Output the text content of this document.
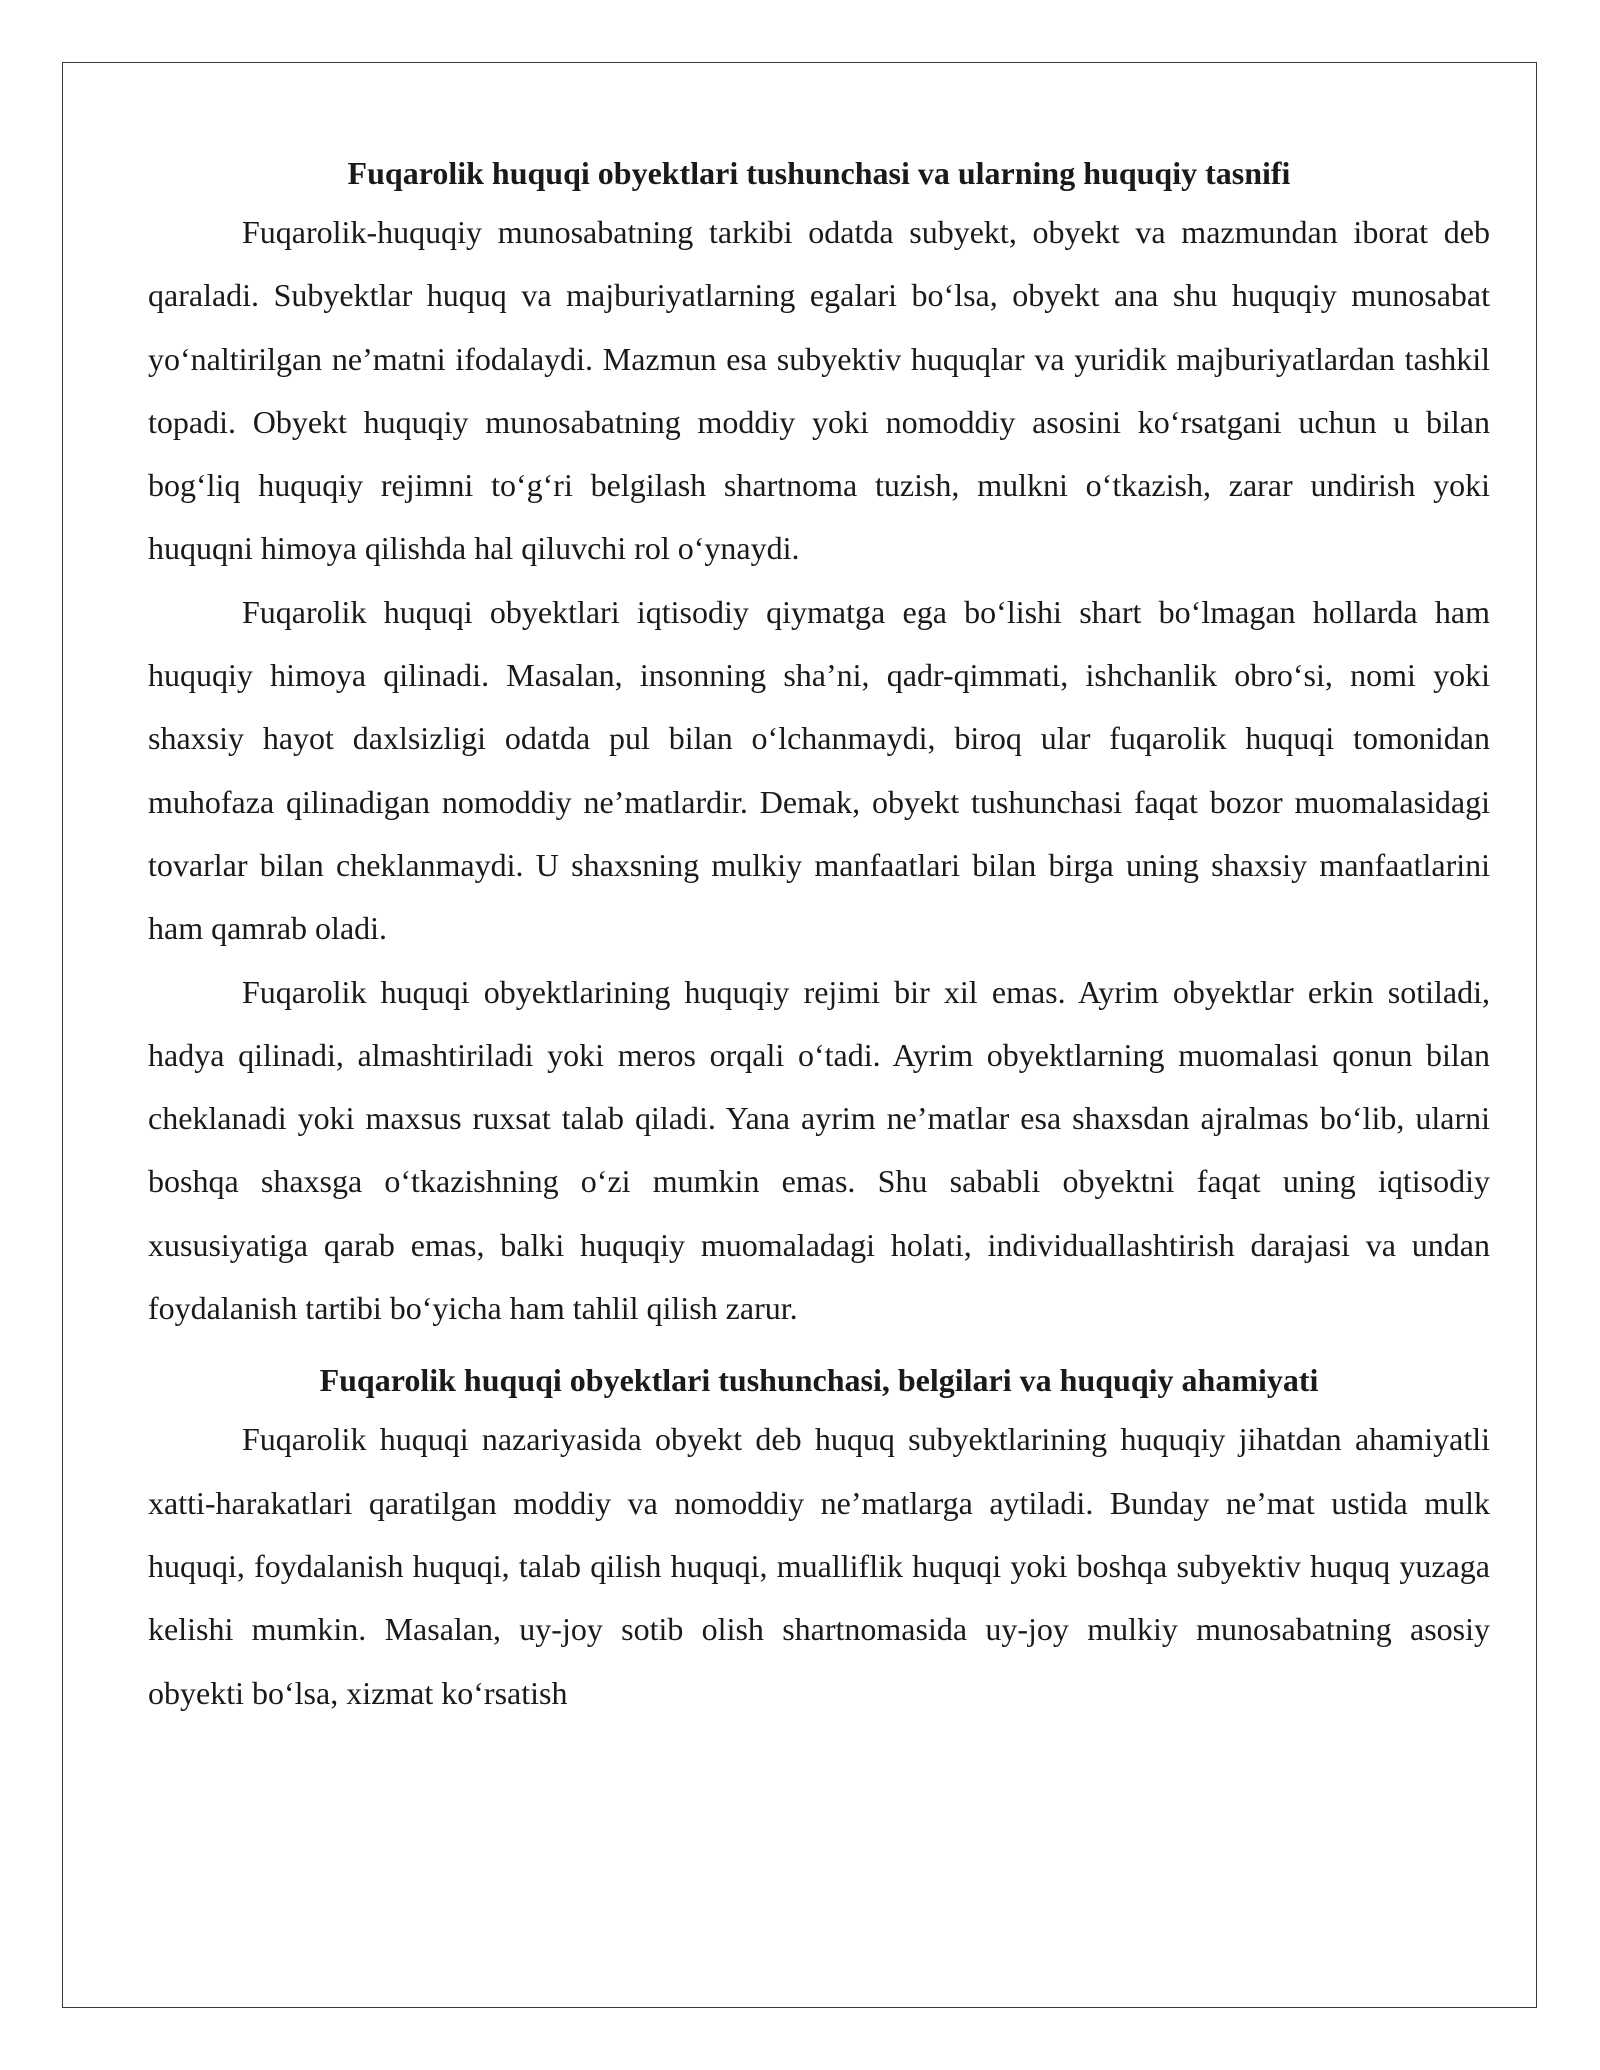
Fuqarolik huquqi obyektlari tushunchasi va ularning huquqiy tasnifi

Fuqarolik-huquqiy munosabatning tarkibi odatda subyekt, obyekt va mazmundan iborat deb qaraladi. Subyektlar huquq va majburiyatlarning egalari boʻlsa, obyekt ana shu huquqiy munosabat yoʻnaltirilgan neʼmatni ifodalaydi. Mazmun esa subyektiv huquqlar va yuridik majburiyatlardan tashkil topadi. Obyekt huquqiy munosabatning moddiy yoki nomoddiy asosini koʻrsatgani uchun u bilan bogʻliq huquqiy rejimni toʻgʻri belgilash shartnoma tuzish, mulkni oʻtkazish, zarar undirish yoki huquqni himoya qilishda hal qiluvchi rol oʻynaydi.

Fuqarolik huquqi obyektlari iqtisodiy qiymatga ega boʻlishi shart boʻlmagan hollarda ham huquqiy himoya qilinadi. Masalan, insonning shaʼni, qadr-qimmati, ishchanlik obroʻsi, nomi yoki shaxsiy hayot daxlsizligi odatda pul bilan oʻlchanmaydi, biroq ular fuqarolik huquqi tomonidan muhofaza qilinadigan nomoddiy neʼmatlardir. Demak, obyekt tushunchasi faqat bozor muomalasidagi tovarlar bilan cheklanmaydi. U shaxsning mulkiy manfaatlari bilan birga uning shaxsiy manfaatlarini ham qamrab oladi.

Fuqarolik huquqi obyektlarining huquqiy rejimi bir xil emas. Ayrim obyektlar erkin sotiladi, hadya qilinadi, almashtiriladi yoki meros orqali oʻtadi. Ayrim obyektlarning muomalasi qonun bilan cheklanadi yoki maxsus ruxsat talab qiladi. Yana ayrim neʼmatlar esa shaxsdan ajralmas boʻlib, ularni boshqa shaxsga oʻtkazishning oʻzi mumkin emas. Shu sababli obyektni faqat uning iqtisodiy xususiyatiga qarab emas, balki huquqiy muomaladagi holati, individuallashtirish darajasi va undan foydalanish tartibi boʻyicha ham tahlil qilish zarur.

Fuqarolik huquqi obyektlari tushunchasi, belgilari va huquqiy ahamiyati

Fuqarolik huquqi nazariyasida obyekt deb huquq subyektlarining huquqiy jihatdan ahamiyatli xatti-harakatlari qaratilgan moddiy va nomoddiy neʼmatlarga aytiladi. Bunday neʼmat ustida mulk huquqi, foydalanish huquqi, talab qilish huquqi, mualliflik huquqi yoki boshqa subyektiv huquq yuzaga kelishi mumkin. Masalan, uy-joy sotib olish shartnomasida uy-joy mulkiy munosabatning asosiy obyekti boʻlsa, xizmat koʻrsatish
